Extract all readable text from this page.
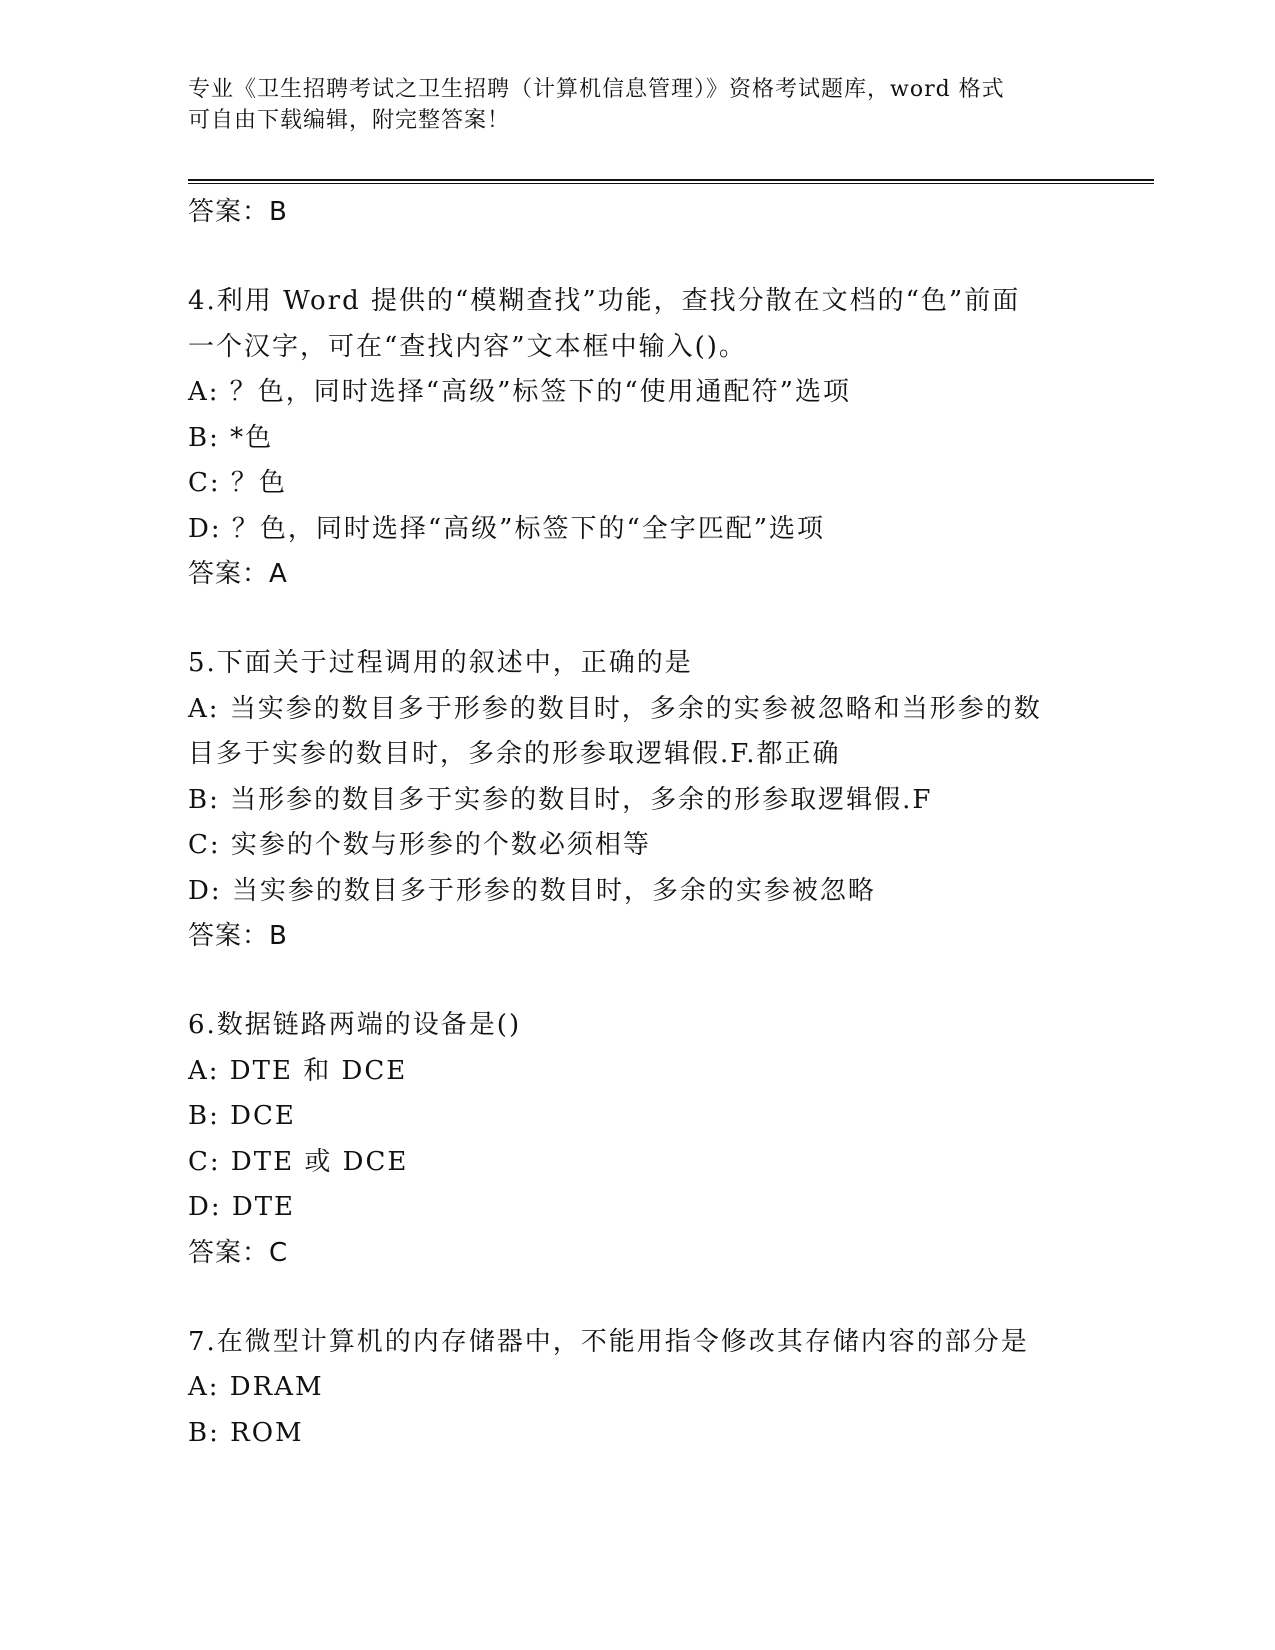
专业《卫生招聘考试之卫生招聘（计算机信息管理）》资格考试题库，word 格式
可自由下载编辑，附完整答案！
答案：B
4.利用 Word 提供的“模糊查找”功能，查找分散在文档的“色”前面
一个汉字，可在“查找内容”文本框中输入()。
A: ？色，同时选择“高级”标签下的“使用通配符”选项
B: *色
C: ？色
D: ？色，同时选择“高级”标签下的“全字匹配”选项
答案：A
5.下面关于过程调用的叙述中，正确的是
A: 当实参的数目多于形参的数目时，多余的实参被忽略和当形参的数
目多于实参的数目时，多余的形参取逻辑假.F.都正确
B: 当形参的数目多于实参的数目时，多余的形参取逻辑假.F
C: 实参的个数与形参的个数必须相等
D: 当实参的数目多于形参的数目时，多余的实参被忽略
答案：B
6.数据链路两端的设备是()
A: DTE 和 DCE
B: DCE
C: DTE 或 DCE
D: DTE
答案：C
7.在微型计算机的内存储器中，不能用指令修改其存储内容的部分是
A: DRAM
B: ROM
